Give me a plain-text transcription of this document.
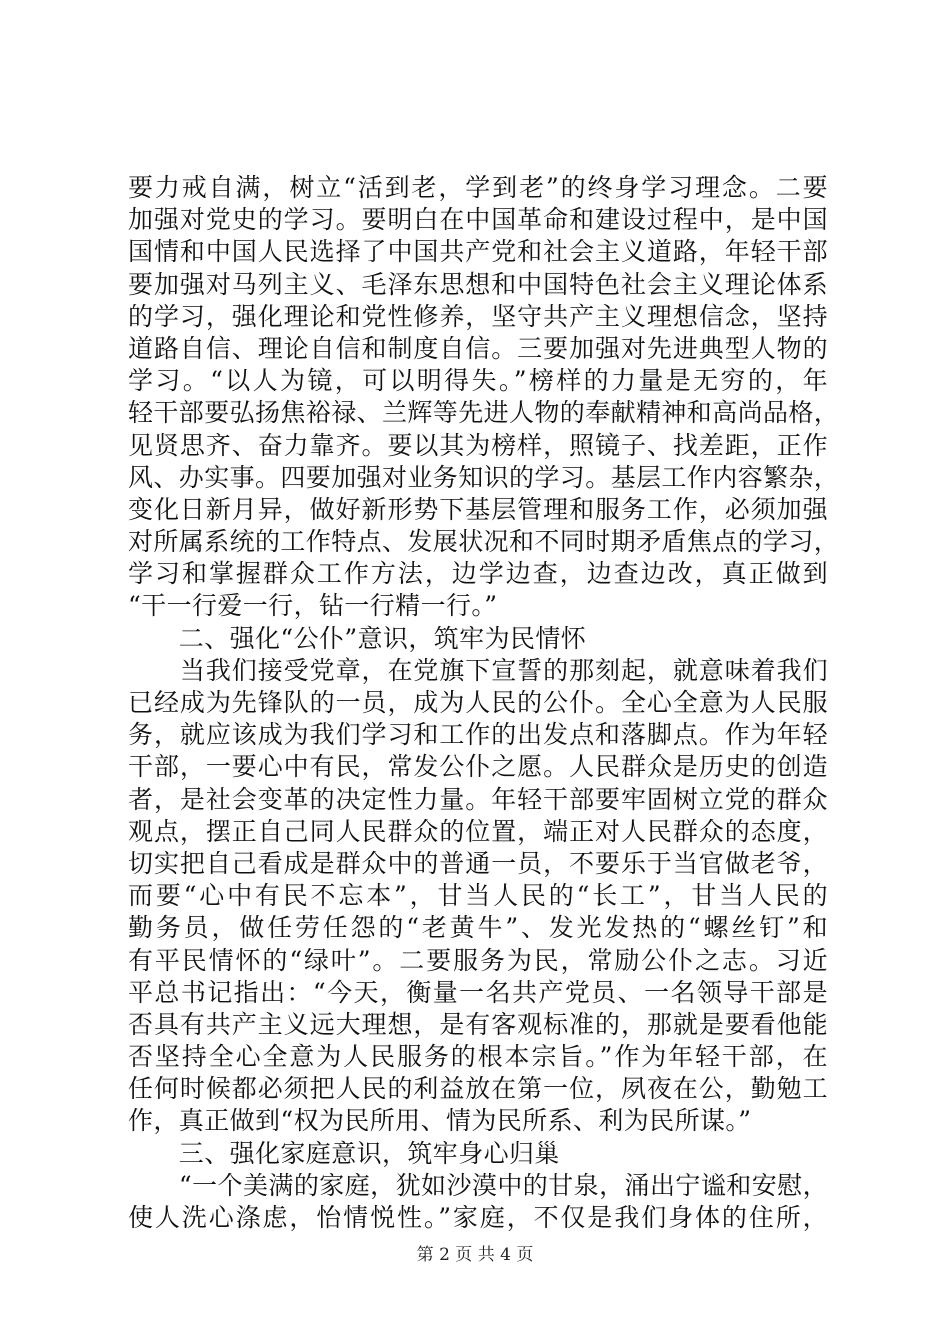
要力戒自满，树立“活到老，学到老”的终身学习理念。二要
加强对党史的学习。要明白在中国革命和建设过程中，是中国
国情和中国人民选择了中国共产党和社会主义道路，年轻干部
要加强对马列主义、毛泽东思想和中国特色社会主义理论体系
的学习，强化理论和党性修养，坚守共产主义理想信念，坚持
道路自信、理论自信和制度自信。三要加强对先进典型人物的
学习。“以人为镜，可以明得失。”榜样的力量是无穷的，年
轻干部要弘扬焦裕禄、兰辉等先进人物的奉献精神和高尚品格，
见贤思齐、奋力靠齐。要以其为榜样，照镜子、找差距，正作
风、办实事。四要加强对业务知识的学习。基层工作内容繁杂，
变化日新月异，做好新形势下基层管理和服务工作，必须加强
对所属系统的工作特点、发展状况和不同时期矛盾焦点的学习，
学习和掌握群众工作方法，边学边查，边查边改，真正做到
“干一行爱一行，钻一行精一行。”
　　二、强化“公仆”意识，筑牢为民情怀
　　当我们接受党章，在党旗下宣誓的那刻起，就意味着我们
已经成为先锋队的一员，成为人民的公仆。全心全意为人民服
务，就应该成为我们学习和工作的出发点和落脚点。作为年轻
干部，一要心中有民，常发公仆之愿。人民群众是历史的创造
者，是社会变革的决定性力量。年轻干部要牢固树立党的群众
观点，摆正自己同人民群众的位置，端正对人民群众的态度，
切实把自己看成是群众中的普通一员，不要乐于当官做老爷，
而要“心中有民不忘本”，甘当人民的“长工”，甘当人民的
勤务员，做任劳任怨的“老黄牛”、发光发热的“螺丝钉”和
有平民情怀的“绿叶”。二要服务为民，常励公仆之志。习近
平总书记指出：“今天，衡量一名共产党员、一名领导干部是
否具有共产主义远大理想，是有客观标准的，那就是要看他能
否坚持全心全意为人民服务的根本宗旨。”作为年轻干部，在
任何时候都必须把人民的利益放在第一位，夙夜在公，勤勉工
作，真正做到“权为民所用、情为民所系、利为民所谋。”
　　三、强化家庭意识，筑牢身心归巢
　　“一个美满的家庭，犹如沙漠中的甘泉，涌出宁谧和安慰，
使人洗心涤虑，怡情悦性。”家庭，不仅是我们身体的住所，
第 2 页 共 4 页
